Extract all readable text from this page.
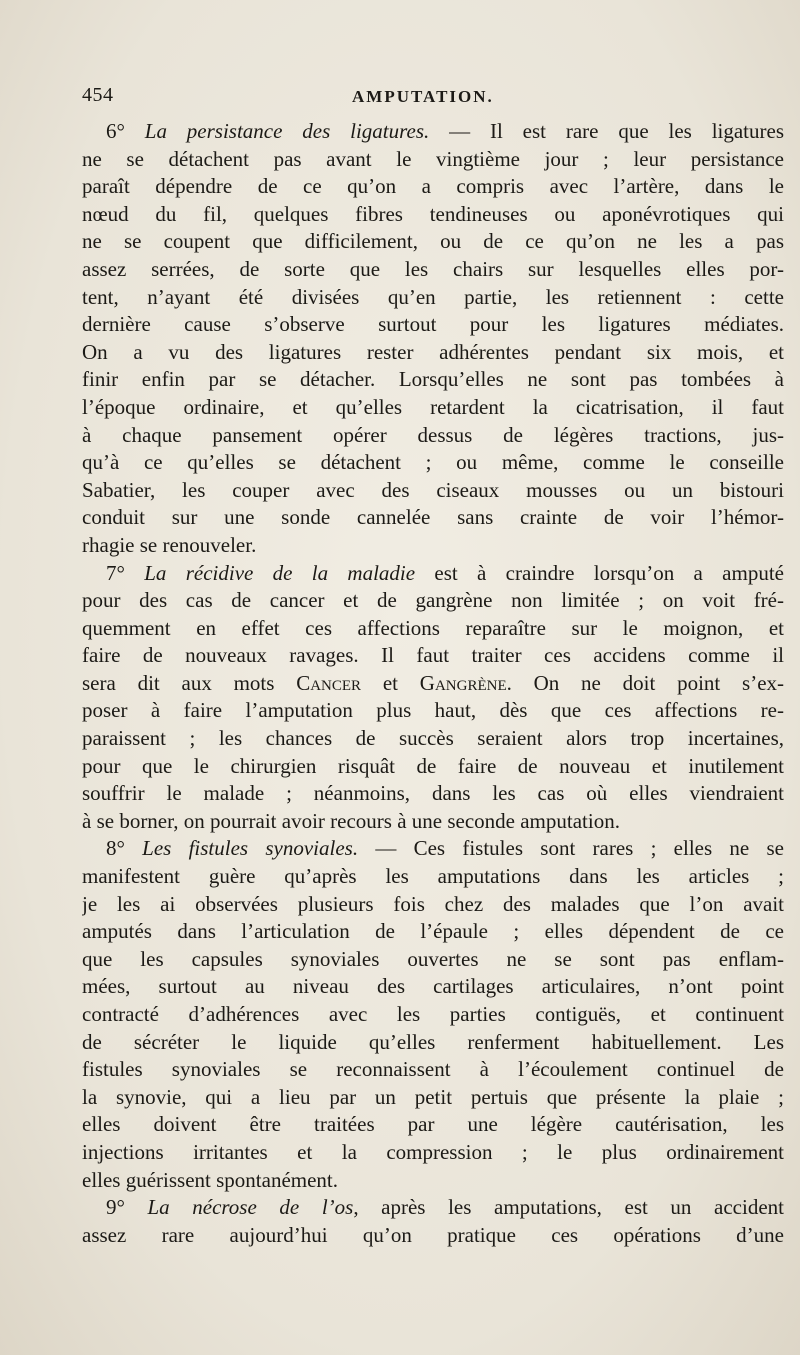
454	AMPUTATION.
6° La persistance des ligatures. — Il est rare que les ligatures
ne se détachent pas avant le vingtième jour ; leur persistance
paraît dépendre de ce qu’on a compris avec l’artère, dans le
nœud du fil, quelques fibres tendineuses ou aponévrotiques qui
ne se coupent que difficilement, ou de ce qu’on ne les a pas
assez serrées, de sorte que les chairs sur lesquelles elles por-
tent, n’ayant été divisées qu’en partie, les retiennent : cette
dernière cause s’observe surtout pour les ligatures médiates.
On a vu des ligatures rester adhérentes pendant six mois, et
finir enfin par se détacher. Lorsqu’elles ne sont pas tombées à
l’époque ordinaire, et qu’elles retardent la cicatrisation, il faut
à chaque pansement opérer dessus de légères tractions, jus-
qu’à ce qu’elles se détachent ; ou même, comme le conseille
Sabatier, les couper avec des ciseaux mousses ou un bistouri
conduit sur une sonde cannelée sans crainte de voir l’hémor-
rhagie se renouveler.
7° La récidive de la maladie est à craindre lorsqu’on a amputé
pour des cas de cancer et de gangrène non limitée ; on voit fré-
quemment en effet ces affections reparaître sur le moignon, et
faire de nouveaux ravages. Il faut traiter ces accidens comme il
sera dit aux mots Cancer et Gangrène. On ne doit point s’ex-
poser à faire l’amputation plus haut, dès que ces affections re-
paraissent ; les chances de succès seraient alors trop incertaines,
pour que le chirurgien risquât de faire de nouveau et inutilement
souffrir le malade ; néanmoins, dans les cas où elles viendraient
à se borner, on pourrait avoir recours à une seconde amputation.
8° Les fistules synoviales. — Ces fistules sont rares ; elles ne se
manifestent guère qu’après les amputations dans les articles ;
je les ai observées plusieurs fois chez des malades que l’on avait
amputés dans l’articulation de l’épaule ; elles dépendent de ce
que les capsules synoviales ouvertes ne se sont pas enflam-
mées, surtout au niveau des cartilages articulaires, n’ont point
contracté d’adhérences avec les parties contiguës, et continuent
de sécréter le liquide qu’elles renferment habituellement. Les
fistules synoviales se reconnaissent à l’écoulement continuel de
la synovie, qui a lieu par un petit pertuis que présente la plaie ;
elles doivent être traitées par une légère cautérisation, les
injections irritantes et la compression ; le plus ordinairement
elles guérissent spontanément.
9° La nécrose de l’os, après les amputations, est un accident
assez rare aujourd’hui qu’on pratique ces opérations d’une
